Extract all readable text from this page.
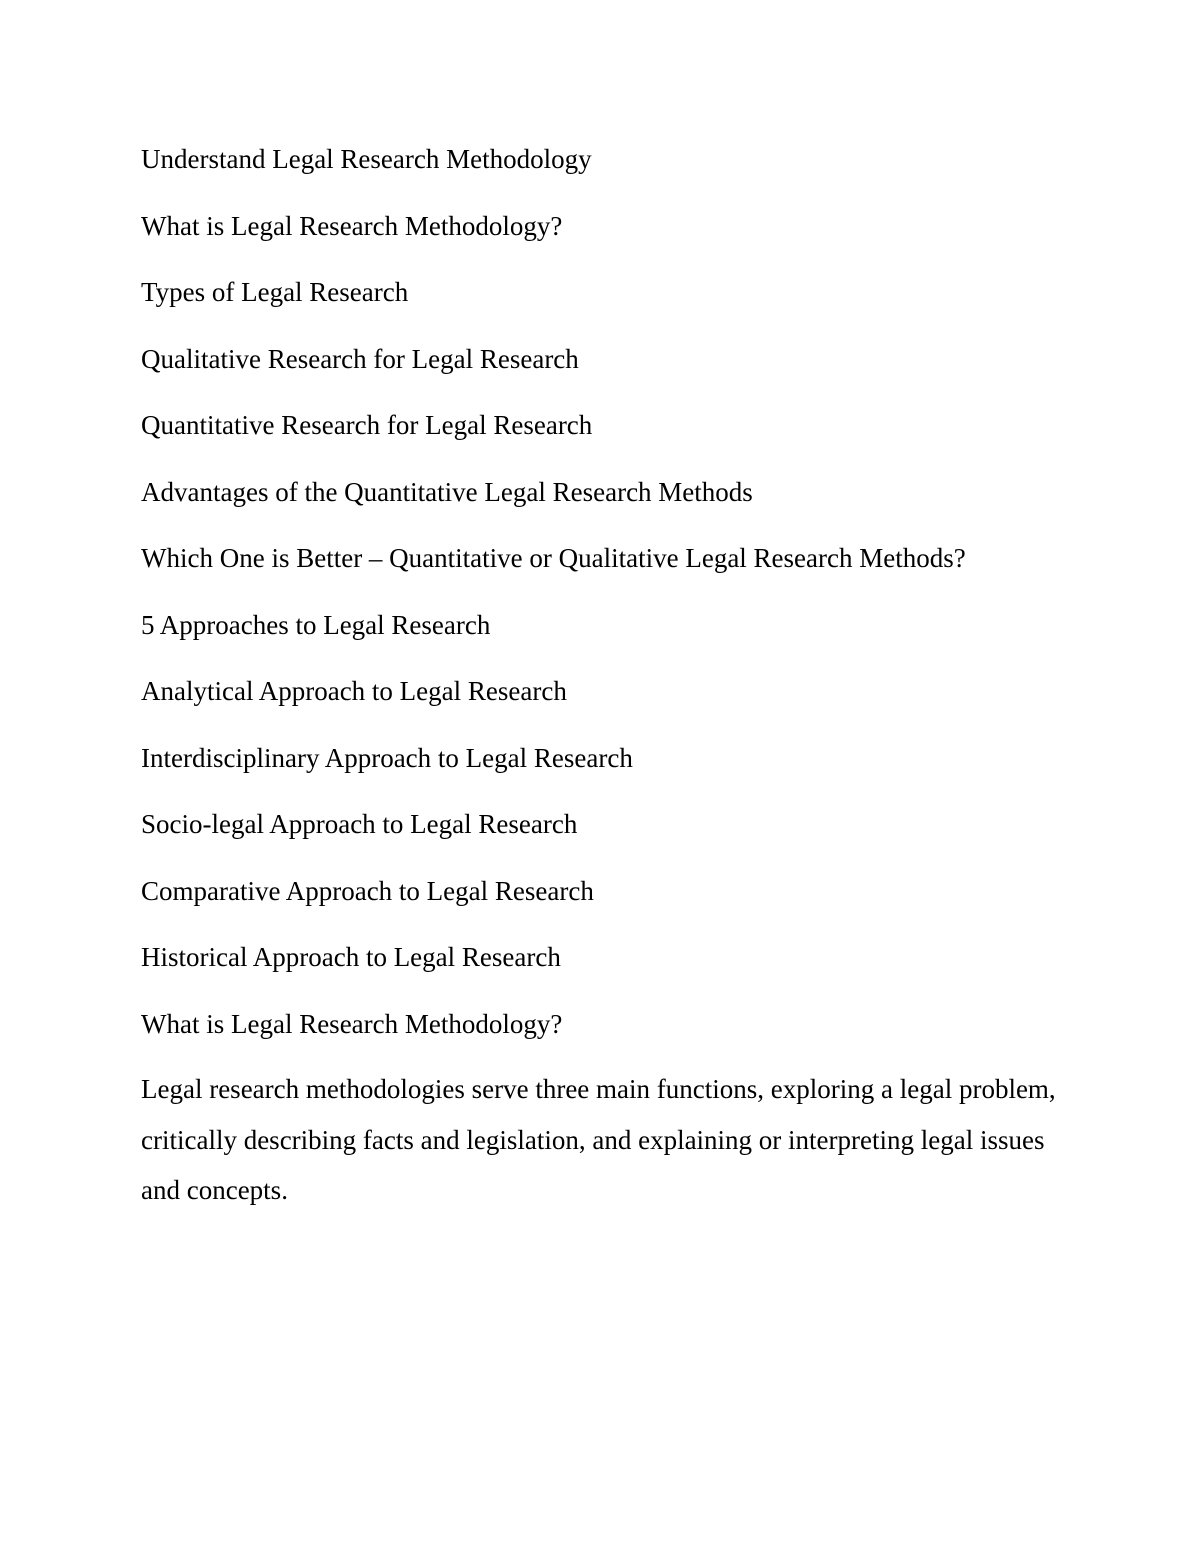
Understand Legal Research Methodology

What is Legal Research Methodology?

Types of Legal Research

Qualitative Research for Legal Research

Quantitative Research for Legal Research

Advantages of the Quantitative Legal Research Methods

Which One is Better – Quantitative or Qualitative Legal Research Methods?

5 Approaches to Legal Research

Analytical Approach to Legal Research

Interdisciplinary Approach to Legal Research

Socio-legal Approach to Legal Research

Comparative Approach to Legal Research

Historical Approach to Legal Research

What is Legal Research Methodology?

Legal research methodologies serve three main functions, exploring a legal problem, critically describing facts and legislation, and explaining or interpreting legal issues and concepts.
